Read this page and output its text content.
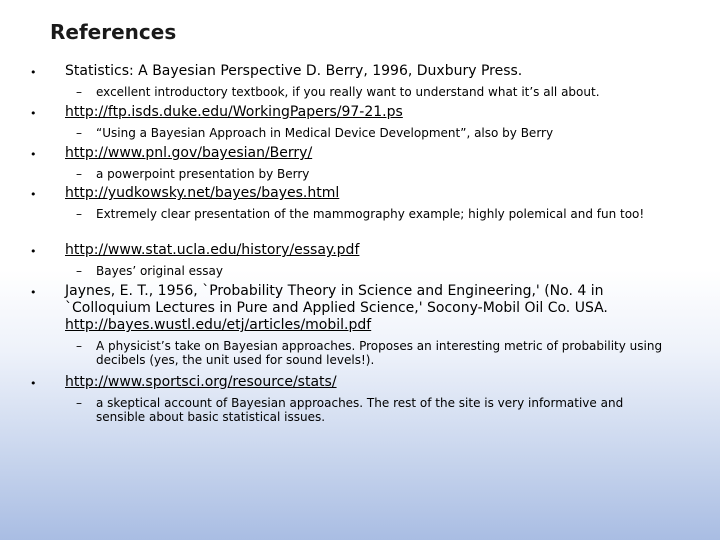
References
• Statistics: A Bayesian Perspective D. Berry, 1996, Duxbury Press.
– excellent introductory textbook, if you really want to understand what it’s all about.
• http://ftp.isds.duke.edu/WorkingPapers/97-21.ps
– “Using a Bayesian Approach in Medical Device Development”, also by Berry
• http://www.pnl.gov/bayesian/Berry/
– a powerpoint presentation by Berry
• http://yudkowsky.net/bayes/bayes.html
– Extremely clear presentation of the mammography example; highly polemical and fun too!
• http://www.stat.ucla.edu/history/essay.pdf
– Bayes’ original essay
• Jaynes, E. T., 1956, `Probability Theory in Science and Engineering,' (No. 4 in
`Colloquium Lectures in Pure and Applied Science,' Socony-Mobil Oil Co. USA.
http://bayes.wustl.edu/etj/articles/mobil.pdf
– A physicist’s take on Bayesian approaches. Proposes an interesting metric of probability using decibels (yes, the unit used for sound levels!).
• http://www.sportsci.org/resource/stats/
– a skeptical account of Bayesian approaches. The rest of the site is very informative and sensible about basic statistical issues.
